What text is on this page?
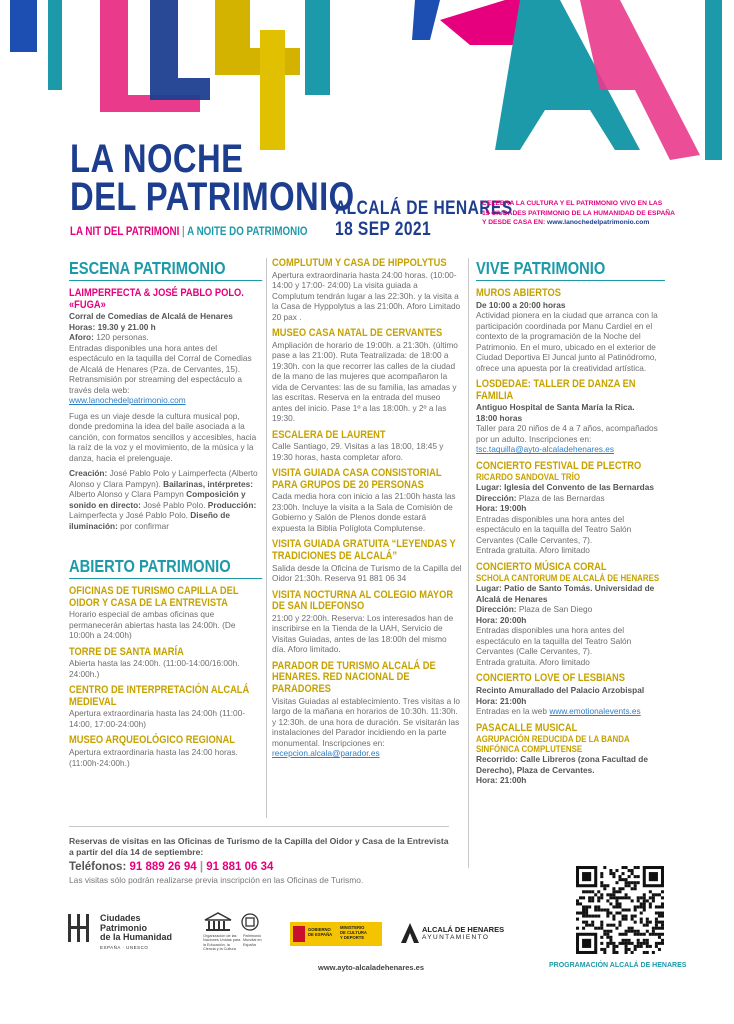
LA NOCHE
DEL PATRIMONIO
LA NIT DEL PATRIMONI | A NOITE DO PATRIMONIO
ALCALÁ DE HENARES
18 SEP 2021
CELEBRA LA CULTURA Y EL PATRIMONIO VIVO EN LAS
15 CIUDADES PATRIMONIO DE LA HUMANIDAD DE ESPAÑA
Y DESDE CASA EN: www.lanochedelpatrimonio.com
ESCENA PATRIMONIO
LAIMPERFECTA & JOSÉ PABLO POLO. «FUGA»
Corral de Comedias de Alcalá de Henares
Horas: 19.30 y 21.00 h
Aforo: 120 personas.
Entradas disponibles una hora antes del espectáculo en la taquilla del Corral de Comedias de Alcalá de Henares (Pza. de Cervantes, 15). Retransmisión por streaming del espectáculo a través dela web:
www.lanochedelpatrimonio.com
Fuga es un viaje desde la cultura musical pop, donde predomina la idea del baile asociada a la canción, con formatos sencillos y accesibles, hacia la raíz de la voz y el movimiento, de la música y la danza, hacia el prelenguaje.
Creación: José Pablo Polo y Laimperfecta (Alberto Alonso y Clara Pampyn). Bailarinas, intérpretes: Alberto Alonso y Clara Pampyn Composición y sonido en directo: José Pablo Polo. Producción: Laimperfecta y José Pablo Polo. Diseño de iluminación: por confirmar
ABIERTO PATRIMONIO
OFICINAS DE TURISMO CAPILLA DEL OIDOR Y CASA DE LA ENTREVISTA
Horario especial de ambas oficinas que permanecerán abiertas hasta las 24:00h. (De 10:00h a 24:00h)
TORRE DE SANTA MARÍA
Abierta hasta las 24:00h. (11:00-14:00/16:00h. 24:00h.)
CENTRO DE INTERPRETACIÓN ALCALÁ MEDIEVAL
Apertura extraordinaria hasta las 24:00h (11:00-14:00, 17:00-24:00h)
MUSEO ARQUEOLÓGICO REGIONAL
Apertura extraordinaria hasta las 24:00 horas. (11:00h-24:00h.)
COMPLUTUM Y CASA DE HIPPOLYTUS
Apertura extraordinaria hasta 24:00 horas. (10:00-14:00 y 17:00- 24:00) La visita guiada a Complutum tendrán lugar a las 22:30h. y la visita a la Casa de Hyppolytus a las 21:00h. Aforo Limitado 20 pax .
MUSEO CASA NATAL DE CERVANTES
Ampliación de horario de 19:00h. a 21:30h. (último pase a las 21:00). Ruta Teatralizada: de 18:00 a 19:30h. con la que recorrer las calles de la ciudad de la mano de las mujeres que acompañaron la vida de Cervantes: las de su familia, las amadas y las escritas. Reserva en la entrada del museo antes del inicio. Pase 1º a las 18:00h. y 2º a las 19:30.
ESCALERA DE LAURENT
Calle Santiago, 29. Visitas a las 18:00, 18:45 y 19:30 horas, hasta completar aforo.
VISITA GUIADA CASA CONSISTORIAL PARA GRUPOS DE 20 PERSONAS
Cada media hora con inicio a las 21:00h hasta las 23:00h. Incluye la visita a la Sala de Comisión de Gobierno y Salón de Plenos donde estará expuesta la Biblia Políglota Complutense.
VISITA GUIADA GRATUITA “LEYENDAS Y TRADICIONES DE ALCALÁ”
Salida desde la Oficina de Turismo de la Capilla del Oidor 21:30h. Reserva 91 881 06 34
VISITA NOCTURNA AL COLEGIO MAYOR DE SAN ILDEFONSO
21:00 y 22:00h. Reserva: Los interesados han de inscribirse en la Tienda de la UAH, Servicio de Visitas Guiadas, antes de las 18:00h del mismo día. Aforo limitado.
PARADOR DE TURISMO ALCALÁ DE HENARES. RED NACIONAL DE PARADORES
Visitas Guiadas al establecimiento. Tres visitas a lo largo de la mañana en horarios de 10:30h. 11:30h. y 12:30h. de una hora de duración. Se visitarán las instalaciones del Parador incidiendo en la parte monumental. Inscripciones en: recepcion.alcala@parador.es
VIVE PATRIMONIO
MUROS ABIERTOS
De 10:00 a 20:00 horas
Actividad pionera en la ciudad que arranca con la participación coordinada por Manu Cardiel en el contexto de la programación de la Noche del Patrimonio. En el muro, ubicado en el exterior de Ciudad Deportiva El Juncal junto al Patinódromo, ofrece una apuesta por la creatividad artística.
LOSDEDAE: TALLER DE DANZA EN FAMILIA
Antiguo Hospital de Santa María la Rica.
18:00 horas
Taller para 20 niños de 4 a 7 años, acompañados por un adulto. Inscripciones en:
tsc.taquilla@ayto-alcaladehenares.es
CONCIERTO FESTIVAL DE PLECTRO
RICARDO SANDOVAL TRÍO
Lugar: Iglesia del Convento de las Bernardas
Dirección: Plaza de las Bernardas
Hora: 19:00h
Entradas disponibles una hora antes del espectáculo en la taquilla del Teatro Salón Cervantes (Calle Cervantes, 7).
Entrada gratuita. Aforo limitado
CONCIERTO MÚSICA CORAL
SCHOLA CANTORUM DE ALCALÁ DE HENARES
Lugar: Patio de Santo Tomás. Universidad de Alcalá de Henares
Dirección: Plaza de San Diego
Hora: 20:00h
Entradas disponibles una hora antes del espectáculo en la taquilla del Teatro Salón Cervantes (Calle Cervantes, 7).
Entrada gratuita. Aforo limitado
CONCIERTO LOVE OF LESBIANS
Recinto Amurallado del Palacio Arzobispal
Hora: 21:00h
Entradas en la web www.emotionalevents.es
PASACALLE MUSICAL
AGRUPACIÓN REDUCIDA DE LA BANDA SINFÓNICA COMPLUTENSE
Recorrido: Calle Libreros (zona Facultad de Derecho), Plaza de Cervantes.
Hora: 21:00h
Reservas de visitas en las Oficinas de Turismo de la Capilla del Oidor y Casa de la Entrevista a partir del día 14 de septiembre:
Teléfonos: 91 889 26 94 | 91 881 06 34
Las visitas sólo podrán realizarse previa inscripción en las Oficinas de Turismo.
Ciudades
Patrimonio
de la Humanidad
ESPAÑA · UNESCO
Organización de las Naciones Unidas para la Educación, la Ciencia y la Cultura
Patrimonio Mundial en España
GOBIERNO
DE ESPAÑA
MINISTERIO
DE CULTURA
Y DEPORTE
ALCALÁ DE HENARES
AYUNTAMIENTO
www.ayto-alcaladehenares.es	PROGRAMACIÓN ALCALÁ DE HENARES
